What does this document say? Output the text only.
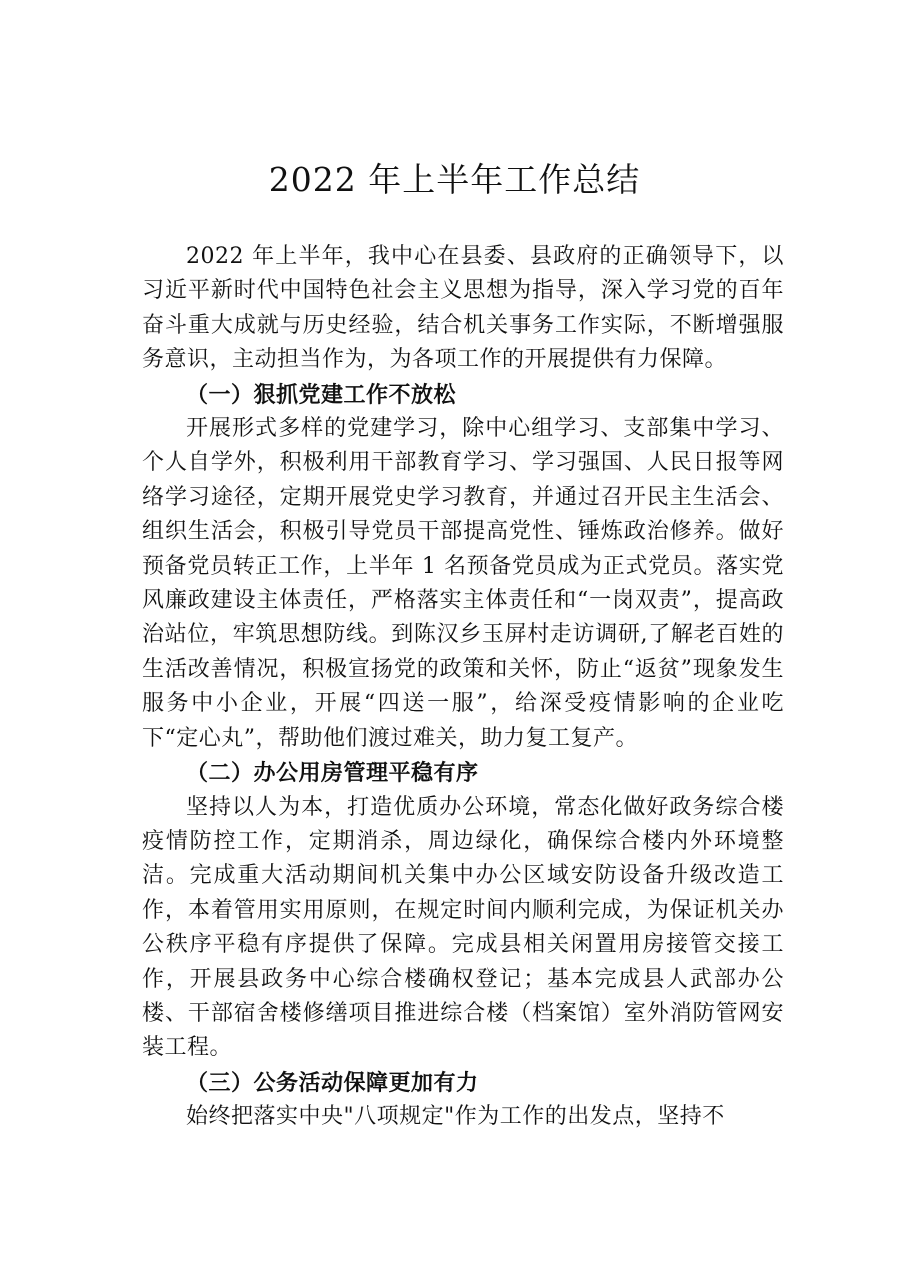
2022 年上半年工作总结

2022 年上半年，我中心在县委、县政府的正确领导下，以习近平新时代中国特色社会主义思想为指导，深入学习党的百年奋斗重大成就与历史经验，结合机关事务工作实际，不断增强服务意识，主动担当作为，为各项工作的开展提供有力保障。

（一）狠抓党建工作不放松

开展形式多样的党建学习，除中心组学习、支部集中学习、个人自学外，积极利用干部教育学习、学习强国、人民日报等网络学习途径，定期开展党史学习教育，并通过召开民主生活会、组织生活会，积极引导党员干部提高党性、锤炼政治修养。做好预备党员转正工作，上半年 1 名预备党员成为正式党员。落实党风廉政建设主体责任，严格落实主体责任和“一岗双责”，提高政治站位，牢筑思想防线。到陈汉乡玉屏村走访调研,了解老百姓的生活改善情况，积极宣扬党的政策和关怀，防止“返贫”现象发生服务中小企业，开展“四送一服”，给深受疫情影响的企业吃下“定心丸”，帮助他们渡过难关，助力复工复产。

（二）办公用房管理平稳有序

坚持以人为本，打造优质办公环境，常态化做好政务综合楼疫情防控工作，定期消杀，周边绿化，确保综合楼内外环境整洁。完成重大活动期间机关集中办公区域安防设备升级改造工作，本着管用实用原则，在规定时间内顺利完成，为保证机关办公秩序平稳有序提供了保障。完成县相关闲置用房接管交接工作，开展县政务中心综合楼确权登记；基本完成县人武部办公楼、干部宿舍楼修缮项目推进综合楼（档案馆）室外消防管网安装工程。

（三）公务活动保障更加有力

始终把落实中央"八项规定"作为工作的出发点，坚持不
